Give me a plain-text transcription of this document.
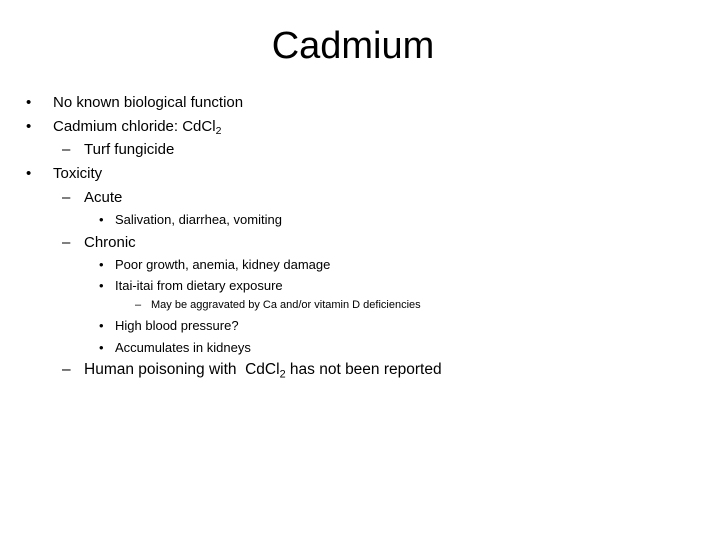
Cadmium
• No known biological function
• Cadmium chloride: CdCl$_2$
– Turf fungicide
• Toxicity
– Acute
• Salivation, diarrhea, vomiting
– Chronic
• Poor growth, anemia, kidney damage
• Itai-itai from dietary exposure
– May be aggravated by Ca and/or vitamin D deficiencies
• High blood pressure?
• Accumulates in kidneys
– Human poisoning with  CdCl$_2$ has not been reported
